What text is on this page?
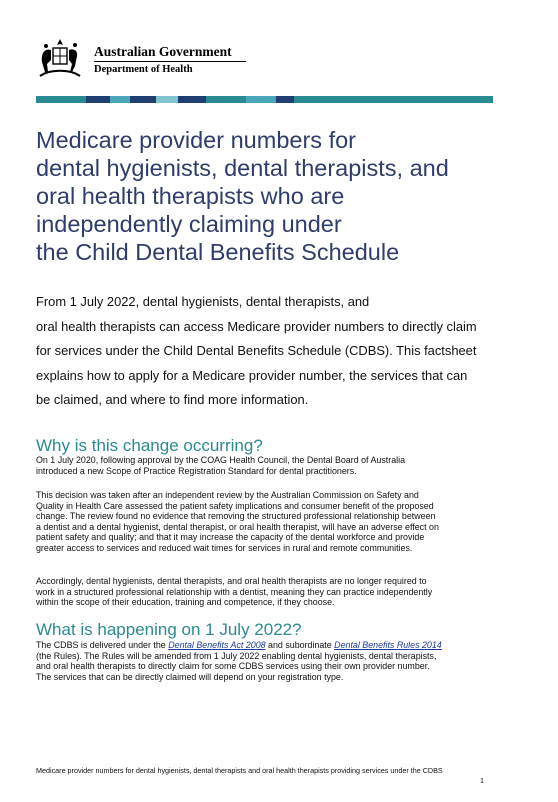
Australian Government
Department of Health
Medicare provider numbers for
dental hygienists, dental therapists, and
oral health therapists who are
independently claiming under
the Child Dental Benefits Schedule

From 1 July 2022, dental hygienists, dental therapists, and
oral health therapists can access Medicare provider numbers to directly claim
for services under the Child Dental Benefits Schedule (CDBS). This factsheet
explains how to apply for a Medicare provider number, the services that can
be claimed, and where to find more information.

Why is this change occurring?

On 1 July 2020, following approval by the COAG Health Council, the Dental Board of Australia
introduced a new Scope of Practice Registration Standard for dental practitioners.

This decision was taken after an independent review by the Australian Commission on Safety and
Quality in Health Care assessed the patient safety implications and consumer benefit of the proposed
change. The review found no evidence that removing the structured professional relationship between
a dentist and a dental hygienist, dental therapist, or oral health therapist, will have an adverse effect on
patient safety and quality; and that it may increase the capacity of the dental workforce and provide
greater access to services and reduced wait times for services in rural and remote communities.

Accordingly, dental hygienists, dental therapists, and oral health therapists are no longer required to
work in a structured professional relationship with a dentist, meaning they can practice independently
within the scope of their education, training and competence, if they choose.

What is happening on 1 July 2022?

The CDBS is delivered under the Dental Benefits Act 2008 and subordinate Dental Benefits Rules 2014
(the Rules). The Rules will be amended from 1 July 2022 enabling dental hygienists, dental therapists,
and oral health therapists to directly claim for some CDBS services using their own provider number.
The services that can be directly claimed will depend on your registration type.

Medicare provider numbers for dental hygienists, dental therapists and oral health therapists providing services under the CDBS
1
